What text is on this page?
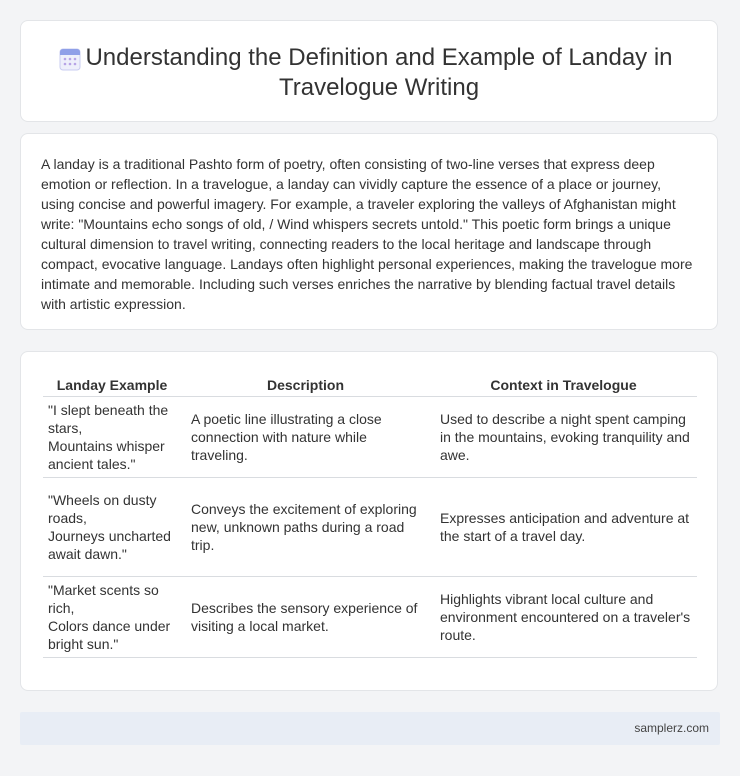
Understanding the Definition and Example of Landay in Travelogue Writing

A landay is a traditional Pashto form of poetry, often consisting of two-line verses that express deep emotion or reflection. In a travelogue, a landay can vividly capture the essence of a place or journey, using concise and powerful imagery. For example, a traveler exploring the valleys of Afghanistan might write: "Mountains echo songs of old, / Wind whispers secrets untold." This poetic form brings a unique cultural dimension to travel writing, connecting readers to the local heritage and landscape through compact, evocative language. Landays often highlight personal experiences, making the travelogue more intimate and memorable. Including such verses enriches the narrative by blending factual travel details with artistic expression.

Landay Example	Description	Context in Travelogue
"I slept beneath the stars,
Mountains whisper ancient tales."	A poetic line illustrating a close connection with nature while traveling.	Used to describe a night spent camping in the mountains, evoking tranquility and awe.
"Wheels on dusty roads,
Journeys uncharted await dawn."	Conveys the excitement of exploring new, unknown paths during a road trip.	Expresses anticipation and adventure at the start of a travel day.
"Market scents so rich,
Colors dance under bright sun."	Describes the sensory experience of visiting a local market.	Highlights vibrant local culture and environment encountered on a traveler's route.
samplerz.com
